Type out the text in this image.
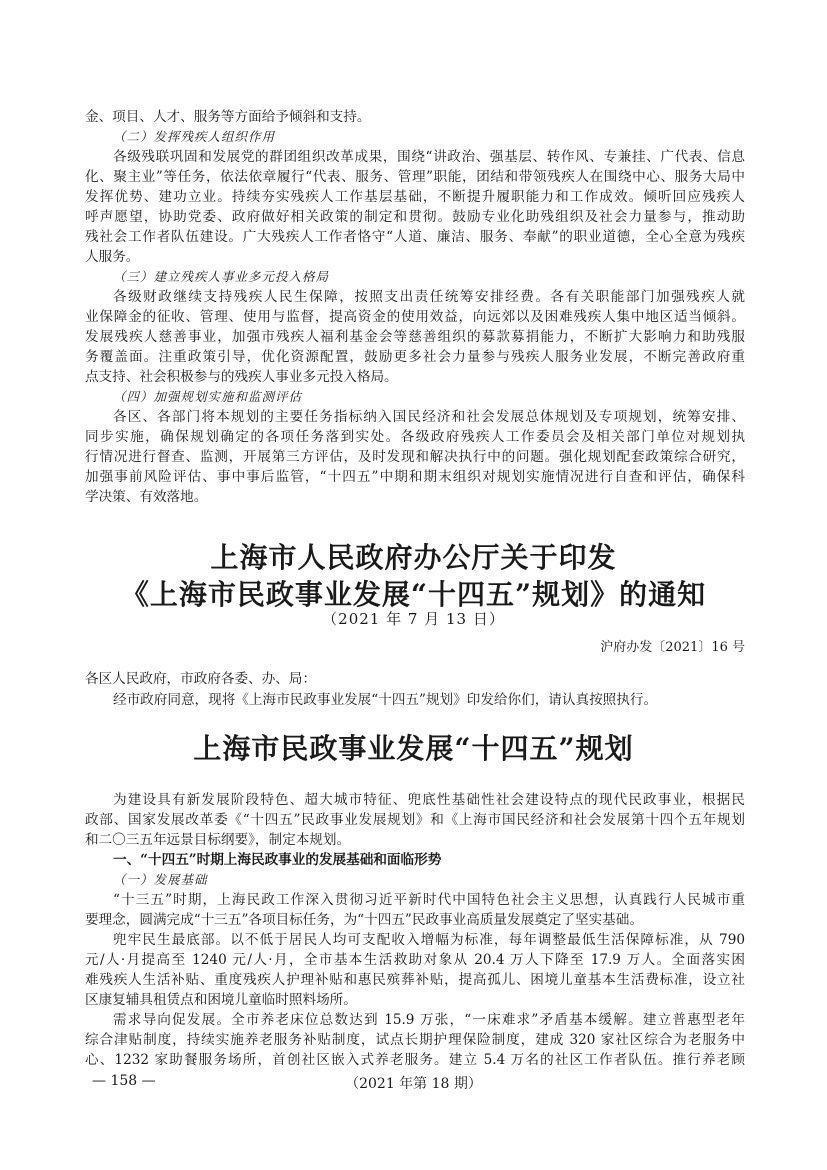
金、项目、人才、服务等方面给予倾斜和支持。
（二）发挥残疾人组织作用
各级残联巩固和发展党的群团组织改革成果，围绕“讲政治、强基层、转作风、专兼挂、广代表、信息
化、聚主业”等任务，依法依章履行“代表、服务、管理”职能，团结和带领残疾人在围绕中心、服务大局中
发挥优势、建功立业。持续夯实残疾人工作基层基础，不断提升履职能力和工作成效。倾听回应残疾人
呼声愿望，协助党委、政府做好相关政策的制定和贯彻。鼓励专业化助残组织及社会力量参与，推动助
残社会工作者队伍建设。广大残疾人工作者恪守“人道、廉洁、服务、奉献”的职业道德，全心全意为残疾
人服务。
（三）建立残疾人事业多元投入格局
各级财政继续支持残疾人民生保障，按照支出责任统筹安排经费。各有关职能部门加强残疾人就
业保障金的征收、管理、使用与监督，提高资金的使用效益，向远郊以及困难残疾人集中地区适当倾斜。
发展残疾人慈善事业，加强市残疾人福利基金会等慈善组织的募款募捐能力，不断扩大影响力和助残服
务覆盖面。注重政策引导，优化资源配置，鼓励更多社会力量参与残疾人服务业发展，不断完善政府重
点支持、社会积极参与的残疾人事业多元投入格局。
（四）加强规划实施和监测评估
各区、各部门将本规划的主要任务指标纳入国民经济和社会发展总体规划及专项规划，统筹安排、
同步实施，确保规划确定的各项任务落到实处。各级政府残疾人工作委员会及相关部门单位对规划执
行情况进行督查、监测，开展第三方评估，及时发现和解决执行中的问题。强化规划配套政策综合研究，
加强事前风险评估、事中事后监管，“十四五”中期和期末组织对规划实施情况进行自查和评估，确保科
学决策、有效落地。
上海市人民政府办公厅关于印发
《上海市民政事业发展“十四五”规划》的通知
（2021 年 7 月 13 日）
沪府办发〔2021〕16 号
各区人民政府，市政府各委、办、局：
经市政府同意，现将《上海市民政事业发展“十四五”规划》印发给你们，请认真按照执行。
上海市民政事业发展“十四五”规划
为建设具有新发展阶段特色、超大城市特征、兜底性基础性社会建设特点的现代民政事业，根据民
政部、国家发展改革委《“十四五”民政事业发展规划》和《上海市国民经济和社会发展第十四个五年规划
和二〇三五年远景目标纲要》，制定本规划。
一、“十四五”时期上海民政事业的发展基础和面临形势
（一）发展基础
“十三五”时期，上海民政工作深入贯彻习近平新时代中国特色社会主义思想，认真践行人民城市重
要理念，圆满完成“十三五”各项目标任务，为“十四五”民政事业高质量发展奠定了坚实基础。
兜牢民生最底部。以不低于居民人均可支配收入增幅为标准，每年调整最低生活保障标准，从 790
元/人·月提高至 1240 元/人·月，全市基本生活救助对象从 20.4 万人下降至 17.9 万人。全面落实困
难残疾人生活补贴、重度残疾人护理补贴和惠民殡葬补贴，提高孤儿、困境儿童基本生活费标准，设立社
区康复辅具租赁点和困境儿童临时照料场所。
需求导向促发展。全市养老床位总数达到 15.9 万张，“一床难求”矛盾基本缓解。建立普惠型老年
综合津贴制度，持续实施养老服务补贴制度，试点长期护理保险制度，建成 320 家社区综合为老服务中
心、1232 家助餐服务场所，首创社区嵌入式养老服务。建立 5.4 万名的社区工作者队伍。推行养老顾
— 158 —	（2021 年第 18 期）
